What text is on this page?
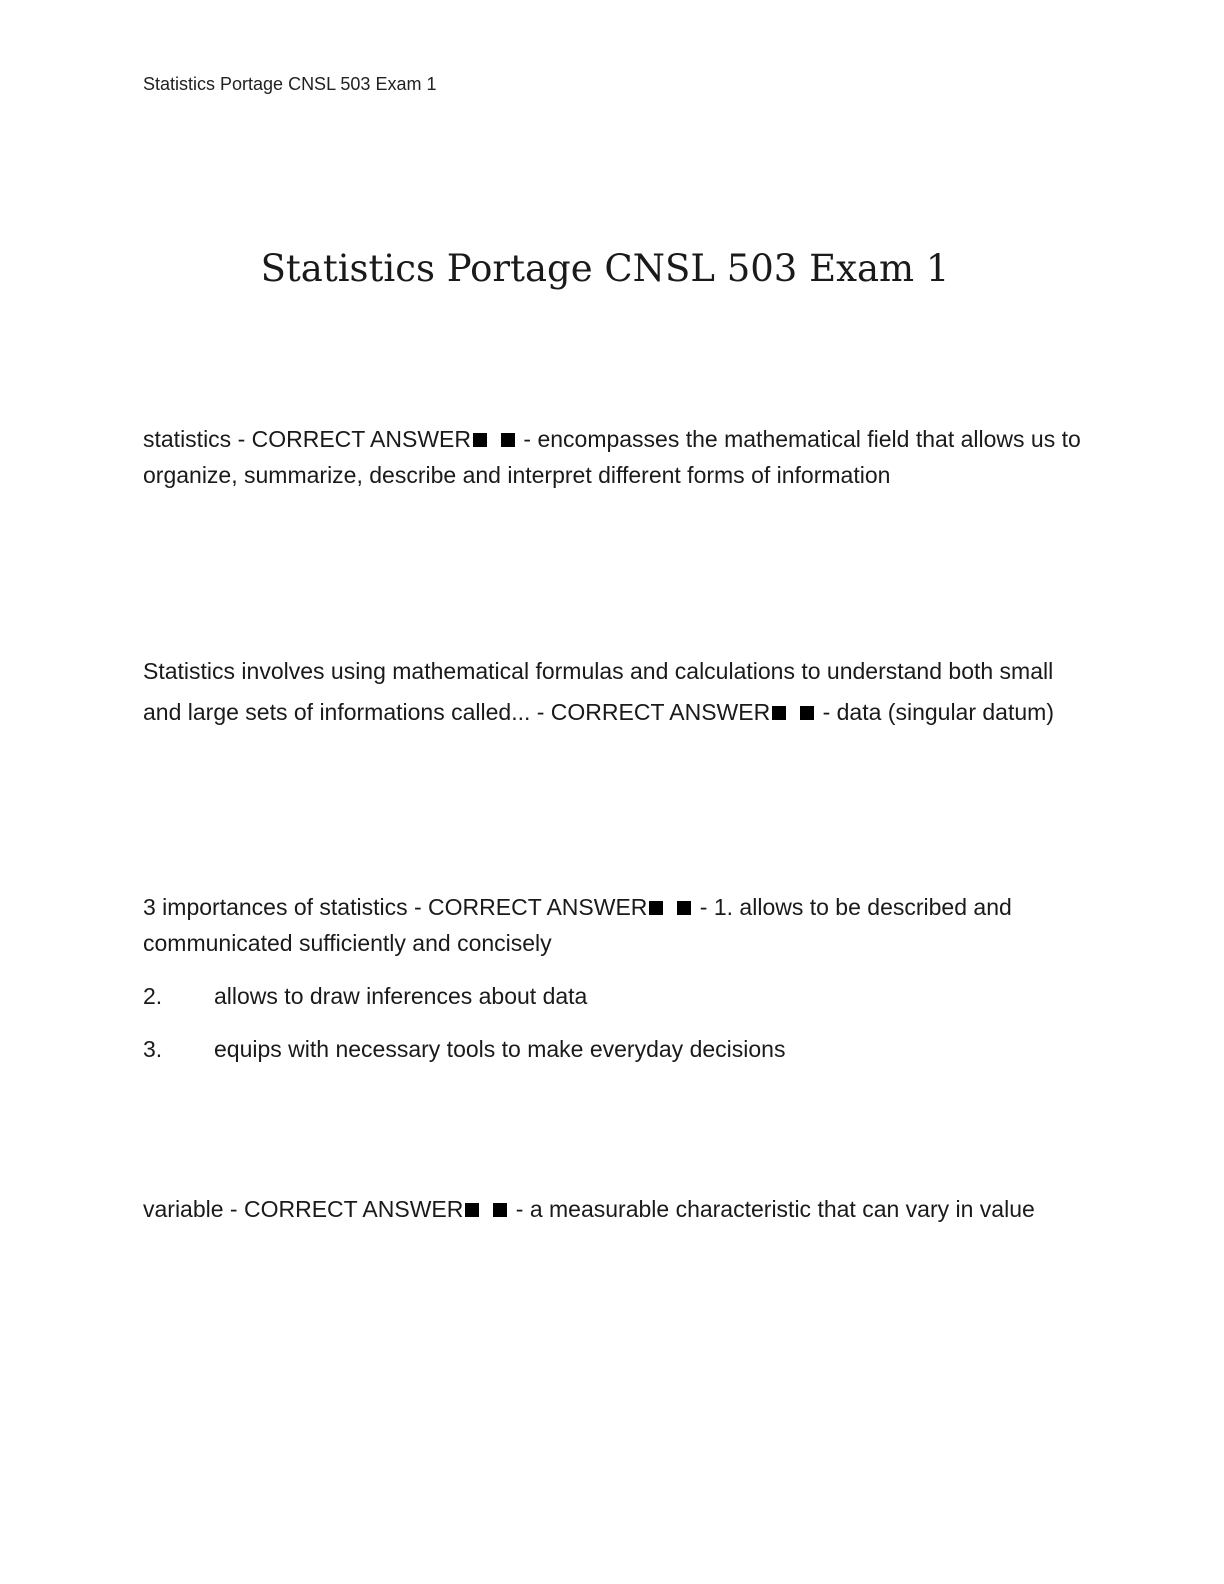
Statistics Portage CNSL 503 Exam 1
Statistics Portage CNSL 503 Exam 1
statistics - CORRECT ANSWER - encompasses the mathematical field that allows us to organize, summarize, describe and interpret different forms of information
Statistics involves using mathematical formulas and calculations to understand both small and large sets of informations called... - CORRECT ANSWER - data (singular datum)
3 importances of statistics - CORRECT ANSWER - 1. allows to be described and communicated sufficiently and concisely
2. allows to draw inferences about data
3. equips with necessary tools to make everyday decisions
variable - CORRECT ANSWER - a measurable characteristic that can vary in value
